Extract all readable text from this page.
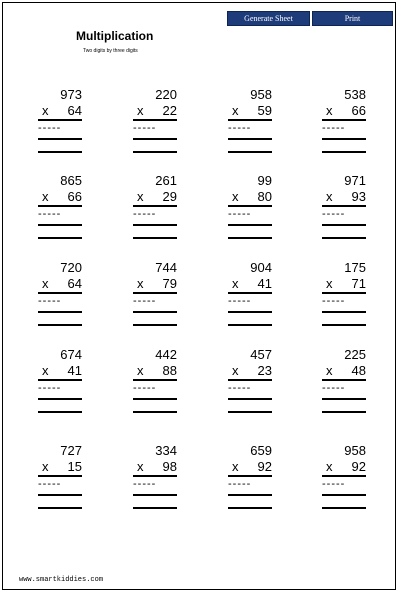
Multiplication
Two digits by three digits
www.smartkiddies.com
Generate Sheet	Print
973
x	64
-----
220
x	22
-----
958
x	59
-----
538
x	66
-----
865
x	66
-----
261
x	29
-----
99
x	80
-----
971
x	93
-----
720
x	64
-----
744
x	79
-----
904
x	41
-----
175
x	71
-----
674
x	41
-----
442
x	88
-----
457
x	23
-----
225
x	48
-----
727
x	15
-----
334
x	98
-----
659
x	92
-----
958
x	92
-----
